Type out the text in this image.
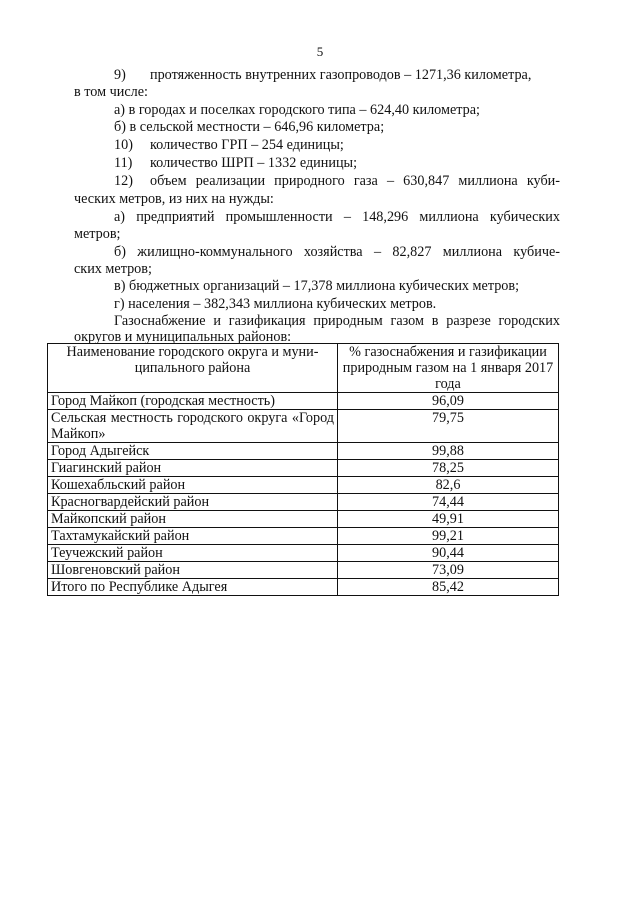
5
9) протяженность внутренних газопроводов – 1271,36 километра,
в том числе:
а) в городах и поселках городского типа – 624,40 километра;
б) в сельской местности – 646,96 километра;
10) количество ГРП – 254 единицы;
11) количество ШРП – 1332 единицы;
12) объем реализации природного газа – 630,847 миллиона куби-
ческих метров, из них на нужды:
а) предприятий промышленности – 148,296 миллиона кубических
метров;
б) жилищно-коммунального хозяйства – 82,827 миллиона кубиче-
ских метров;
в) бюджетных организаций – 17,378 миллиона кубических метров;
г) населения – 382,343 миллиона кубических метров.
Газоснабжение и газификация природным газом в разрезе городских
округов и муниципальных районов:
Наименование городского округа и муни-ципального района	% газоснабжения и газификации природным газом на 1 января 2017 года
Город Майкоп (городская местность)	96,09
Сельская местность городского округа «Город Майкоп»	79,75
Город Адыгейск	99,88
Гиагинский район	78,25
Кошехабльский район	82,6
Красногвардейский район	74,44
Майкопский район	49,91
Тахтамукайский район	99,21
Теучежский район	90,44
Шовгеновский район	73,09
Итого по Республике Адыгея	85,42
